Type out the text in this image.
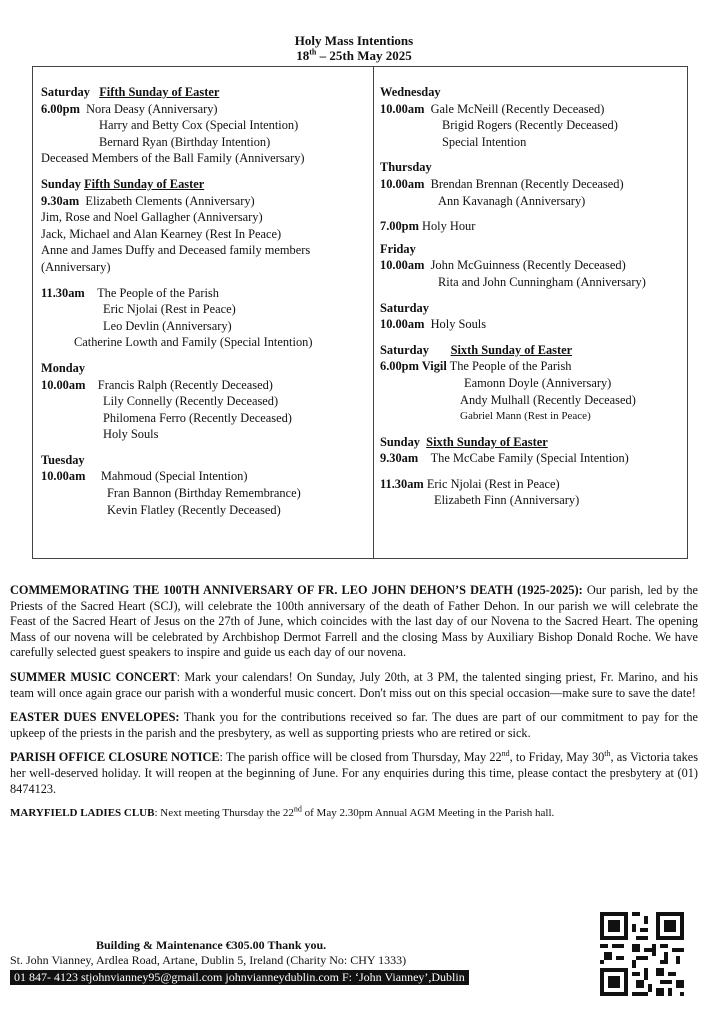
Holy Mass Intentions
18th – 25th May 2025
Saturday Fifth Sunday of Easter
6.00pm Nora Deasy (Anniversary)
Harry and Betty Cox (Special Intention)
Bernard Ryan (Birthday Intention)
Deceased Members of the Ball Family (Anniversary)
Sunday Fifth Sunday of Easter
9.30am Elizabeth Clements (Anniversary)
Jim, Rose and Noel Gallagher (Anniversary)
Jack, Michael and Alan Kearney (Rest In Peace)
Anne and James Duffy and Deceased family members
(Anniversary)
11.30am The People of the Parish
Eric Njolai (Rest in Peace)
Leo Devlin (Anniversary)
Catherine Lowth and Family (Special Intention)
Monday
10.00am Francis Ralph (Recently Deceased)
Lily Connelly (Recently Deceased)
Philomena Ferro (Recently Deceased)
Holy Souls
Tuesday
10.00am Mahmoud (Special Intention)
Fran Bannon (Birthday Remembrance)
Kevin Flatley (Recently Deceased)
Wednesday
10.00am Gale McNeill (Recently Deceased)
Brigid Rogers (Recently Deceased)
Special Intention
Thursday
10.00am Brendan Brennan (Recently Deceased)
Ann Kavanagh (Anniversary)
7.00pm Holy Hour
Friday
10.00am John McGuinness (Recently Deceased)
Rita and John Cunningham (Anniversary)
Saturday
10.00am Holy Souls
Saturday Sixth Sunday of Easter
6.00pm Vigil The People of the Parish
Eamonn Doyle (Anniversary)
Andy Mulhall (Recently Deceased)
Gabriel Mann (Rest in Peace)
Sunday Sixth Sunday of Easter
9.30am The McCabe Family (Special Intention)
11.30am Eric Njolai (Rest in Peace)
Elizabeth Finn (Anniversary)

COMMEMORATING THE 100TH ANNIVERSARY OF FR. LEO JOHN DEHON’S DEATH (1925-2025): Our parish, led by the Priests of the Sacred Heart (SCJ), will celebrate the 100th anniversary of the death of Father Dehon. In our parish we will celebrate the Feast of the Sacred Heart of Jesus on the 27th of June, which coincides with the last day of our Novena to the Sacred Heart. The opening Mass of our novena will be celebrated by Archbishop Dermot Farrell and the closing Mass by Auxiliary Bishop Donald Roche. We have carefully selected guest speakers to inspire and guide us each day of our novena.

SUMMER MUSIC CONCERT: Mark your calendars! On Sunday, July 20th, at 3 PM, the talented singing priest, Fr. Marino, and his team will once again grace our parish with a wonderful music concert. Don't miss out on this special occasion—make sure to save the date!

EASTER DUES ENVELOPES: Thank you for the contributions received so far. The dues are part of our commitment to pay for the upkeep of the priests in the parish and the presbytery, as well as supporting priests who are retired or sick.

PARISH OFFICE CLOSURE NOTICE: The parish office will be closed from Thursday, May 22nd, to Friday, May 30th, as Victoria takes her well-deserved holiday. It will reopen at the beginning of June. For any enquiries during this time, please contact the presbytery at (01) 8474123.

MARYFIELD LADIES CLUB: Next meeting Thursday the 22nd of May 2.30pm Annual AGM Meeting in the Parish hall.

Building & Maintenance €305.00 Thank you.
St. John Vianney, Ardlea Road, Artane, Dublin 5, Ireland (Charity No: CHY 1333)
01 847- 4123 stjohnvianney95@gmail.com johnvianneydublin.com F: ‘John Vianney’,Dublin
